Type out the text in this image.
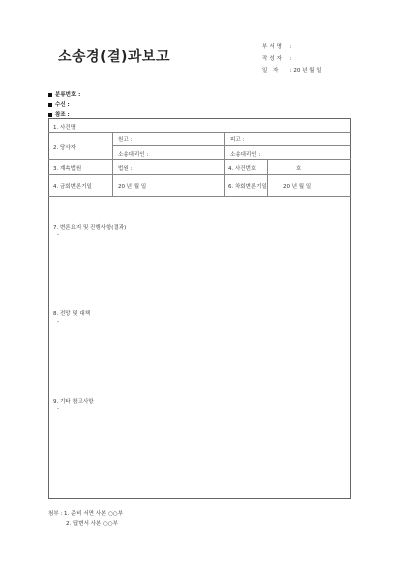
소송경(결)과보고
부서명 :
작성자 :
일 자 : 20 년 월 일
분류번호 :
수신 :
참조 :
1. 사건명
2. 당사자
원고 :	피고 :
소송대리인 :	소송대리인 :
3. 계속법원	법원 :	4. 사건번호	호
4. 금회변론기일	20 년 월 일	6. 차회변론기일	20 년 월 일
7. 변론요지 및 진행사항(결과)
-
8. 전망 및 대책
-
9. 기타 참고사항
-
첨부 : 1. 준비 서면 사본 ○○부
2. 답변서 사본 ○○부
